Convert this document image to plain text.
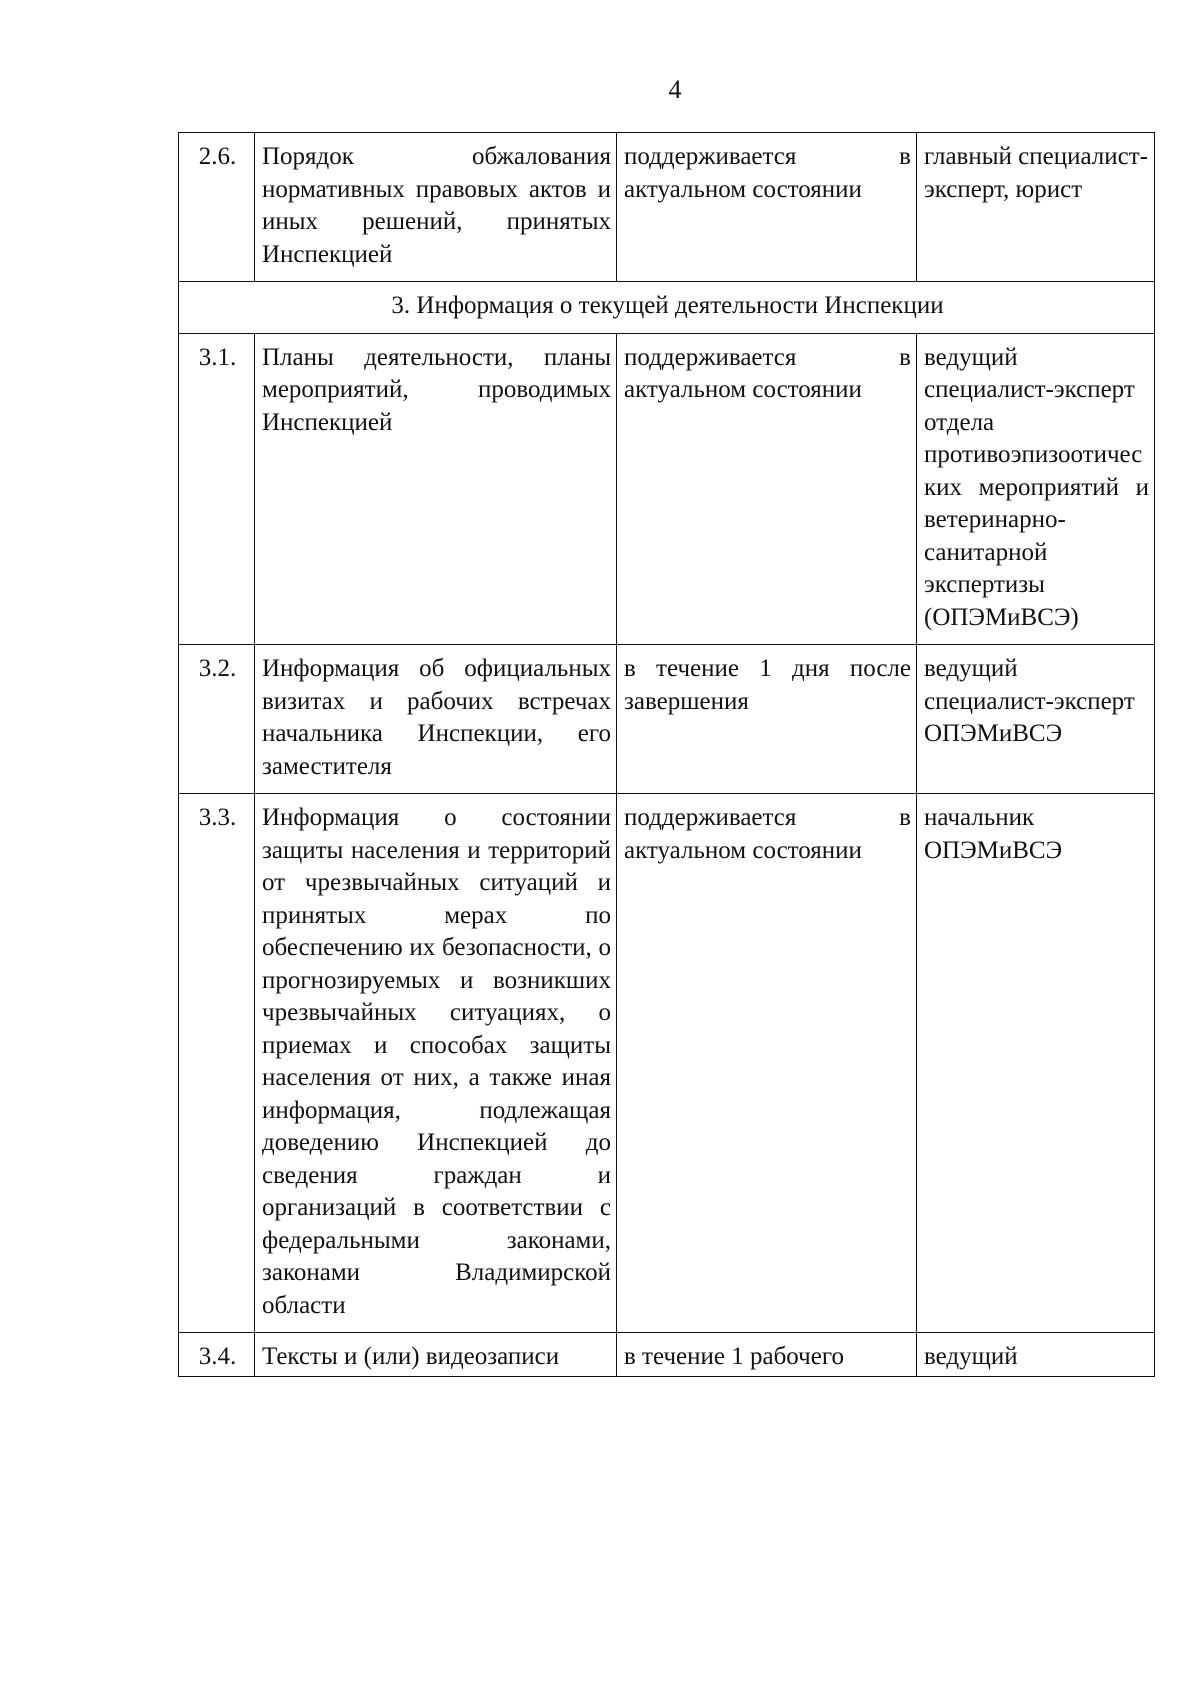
4
2.6.	Порядок обжалования нормативных правовых актов и иных решений, принятых Инспекцией	поддерживается в актуальном состоянии	главный специалист-эксперт, юрист
3. Информация о текущей деятельности Инспекции			
3.1.	Планы деятельности, планы мероприятий, проводимых Инспекцией	поддерживается в актуальном состоянии	ведущий специалист-эксперт отдела противоэпизоотических мероприятий и ветеринарно-санитарной экспертизы (ОПЭМиВСЭ)
3.2.	Информация об официальных визитах и рабочих встречах начальника Инспекции, его заместителя	в течение 1 дня после завершения	ведущий специалист-эксперт ОПЭМиВСЭ
3.3.	Информация о состоянии защиты населения и территорий от чрезвычайных ситуаций и принятых мерах по обеспечению их безопасности, о прогнозируемых и возникших чрезвычайных ситуациях, о приемах и способах защиты населения от них, а также иная информация, подлежащая доведению Инспекцией до сведения граждан и организаций в соответствии с федеральными законами, законами Владимирской области	поддерживается в актуальном состоянии	начальник ОПЭМиВСЭ
3.4.	Тексты и (или) видеозаписи	в течение 1 рабочего	ведущий
